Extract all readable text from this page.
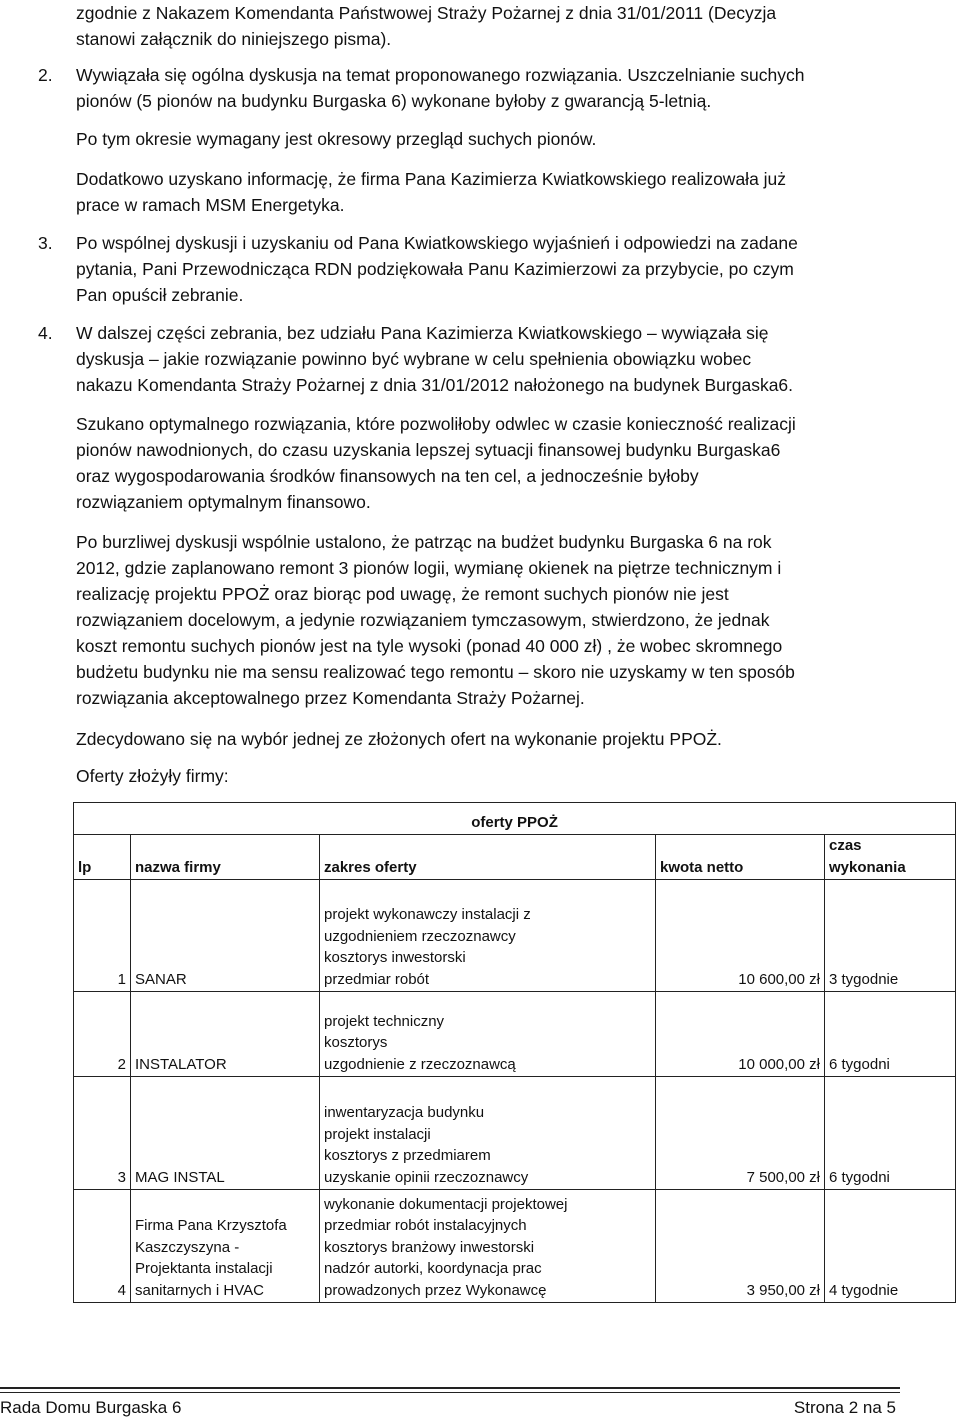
zgodnie z Nakazem Komendanta Państwowej Straży Pożarnej z dnia 31/01/2011 (Decyzja
stanowi załącznik do niniejszego pisma).
2. Wywiązała się ogólna dyskusja na temat proponowanego rozwiązania. Uszczelnianie suchych
pionów (5 pionów na budynku Burgaska 6) wykonane byłoby z gwarancją 5-letnią.
Po tym okresie wymagany jest okresowy przegląd suchych pionów.
Dodatkowo uzyskano informację, że firma Pana Kazimierza Kwiatkowskiego realizowała już
prace w ramach MSM Energetyka.
3. Po wspólnej dyskusji i uzyskaniu od Pana Kwiatkowskiego wyjaśnień i odpowiedzi na zadane
pytania, Pani Przewodnicząca RDN podziękowała Panu Kazimierzowi za przybycie, po czym
Pan opuścił zebranie.
4. W dalszej części zebrania, bez udziału Pana Kazimierza Kwiatkowskiego – wywiązała się
dyskusja – jakie rozwiązanie powinno być wybrane w celu spełnienia obowiązku wobec
nakazu Komendanta Straży Pożarnej z dnia 31/01/2012 nałożonego na budynek Burgaska6.
Szukano optymalnego rozwiązania, które pozwoliłoby odwlec w czasie konieczność realizacji
pionów nawodnionych, do czasu uzyskania lepszej sytuacji finansowej budynku Burgaska6
oraz wygospodarowania środków finansowych na ten cel, a jednocześnie byłoby
rozwiązaniem optymalnym finansowo.
Po burzliwej dyskusji wspólnie ustalono, że patrząc na budżet budynku Burgaska 6 na rok
2012, gdzie zaplanowano remont 3 pionów logii, wymianę okienek na piętrze technicznym i
realizację projektu PPOŻ oraz biorąc pod uwagę, że remont suchych pionów nie jest
rozwiązaniem docelowym, a jedynie rozwiązaniem tymczasowym, stwierdzono, że jednak
koszt remontu suchych pionów jest na tyle wysoki (ponad 40 000 zł) , że wobec skromnego
budżetu budynku nie ma sensu realizować tego remontu – skoro nie uzyskamy w ten sposób
rozwiązania akceptowalnego przez Komendanta Straży Pożarnej.
Zdecydowano się na wybór jednej ze złożonych ofert na wykonanie projektu PPOŻ.
Oferty złożyły firmy:
oferty PPOŻ				
lp	nazwa firmy	zakres oferty	kwota netto	czas
wykonania

1	SANAR	projekt wykonawczy instalacji z
uzgodnieniem rzeczoznawcy
kosztorys inwestorski
przedmiar robót	10 600,00 zł	3 tygodnie
2	INSTALATOR	projekt techniczny
kosztorys
uzgodnienie z rzeczoznawcą	10 000,00 zł	6 tygodni
3	MAG INSTAL	inwentaryzacja budynku
projekt instalacji
kosztorys z przedmiarem
uzyskanie opinii rzeczoznawcy	7 500,00 zł	6 tygodni
4	Firma Pana Krzysztofa
Kaszczyszyna -
Projektanta instalacji
sanitarnych i HVAC	wykonanie dokumentacji projektowej
przedmiar robót instalacyjnych
kosztorys branżowy inwestorski
nadzór autorki, koordynacja prac
prowadzonych przez Wykonawcę	3 950,00 zł	4 tygodnie
Rada Domu Burgaska 6	Strona 2 na 5
